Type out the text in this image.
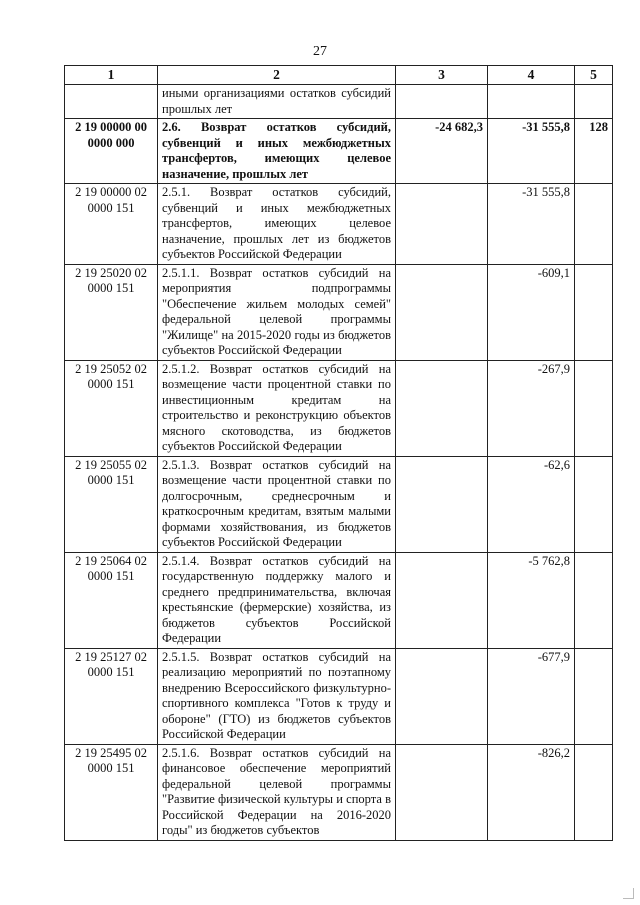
27
1	2	3	4	5
	иными организациями остатков субсидий прошлых лет			
2 19 00000 00 0000 000	2.6. Возврат остатков субсидий, субвенций и иных межбюджетных трансфертов, имеющих целевое назначение, прошлых лет	-24 682,3	-31 555,8	128
2 19 00000 02 0000 151	2.5.1. Возврат остатков субсидий, субвенций и иных межбюджетных трансфертов, имеющих целевое назначение, прошлых лет из бюджетов субъектов Российской Федерации		-31 555,8	
2 19 25020 02 0000 151	2.5.1.1. Возврат остатков субсидий на мероприятия подпрограммы "Обеспечение жильем молодых семей" федеральной целевой программы "Жилище" на 2015-2020 годы из бюджетов субъектов Российской Федерации		-609,1	
2 19 25052 02 0000 151	2.5.1.2. Возврат остатков субсидий на возмещение части процентной ставки по инвестиционным кредитам на строительство и реконструкцию объектов мясного скотоводства, из бюджетов субъектов Российской Федерации		-267,9	
2 19 25055 02 0000 151	2.5.1.3. Возврат остатков субсидий на возмещение части процентной ставки по долгосрочным, среднесрочным и краткосрочным кредитам, взятым малыми формами хозяйствования, из бюджетов субъектов Российской Федерации		-62,6	
2 19 25064 02 0000 151	2.5.1.4. Возврат остатков субсидий на государственную поддержку малого и среднего предпринимательства, включая крестьянские (фермерские) хозяйства, из бюджетов субъектов Российской Федерации		-5 762,8	
2 19 25127 02 0000 151	2.5.1.5. Возврат остатков субсидий на реализацию мероприятий по поэтапному внедрению Всероссийского физкультурно-спортивного комплекса "Готов к труду и обороне" (ГТО) из бюджетов субъектов Российской Федерации		-677,9	
2 19 25495 02 0000 151	2.5.1.6. Возврат остатков субсидий на финансовое обеспечение мероприятий федеральной целевой программы "Развитие физической культуры и спорта в Российской Федерации на 2016-2020 годы" из бюджетов субъектов		-826,2	
